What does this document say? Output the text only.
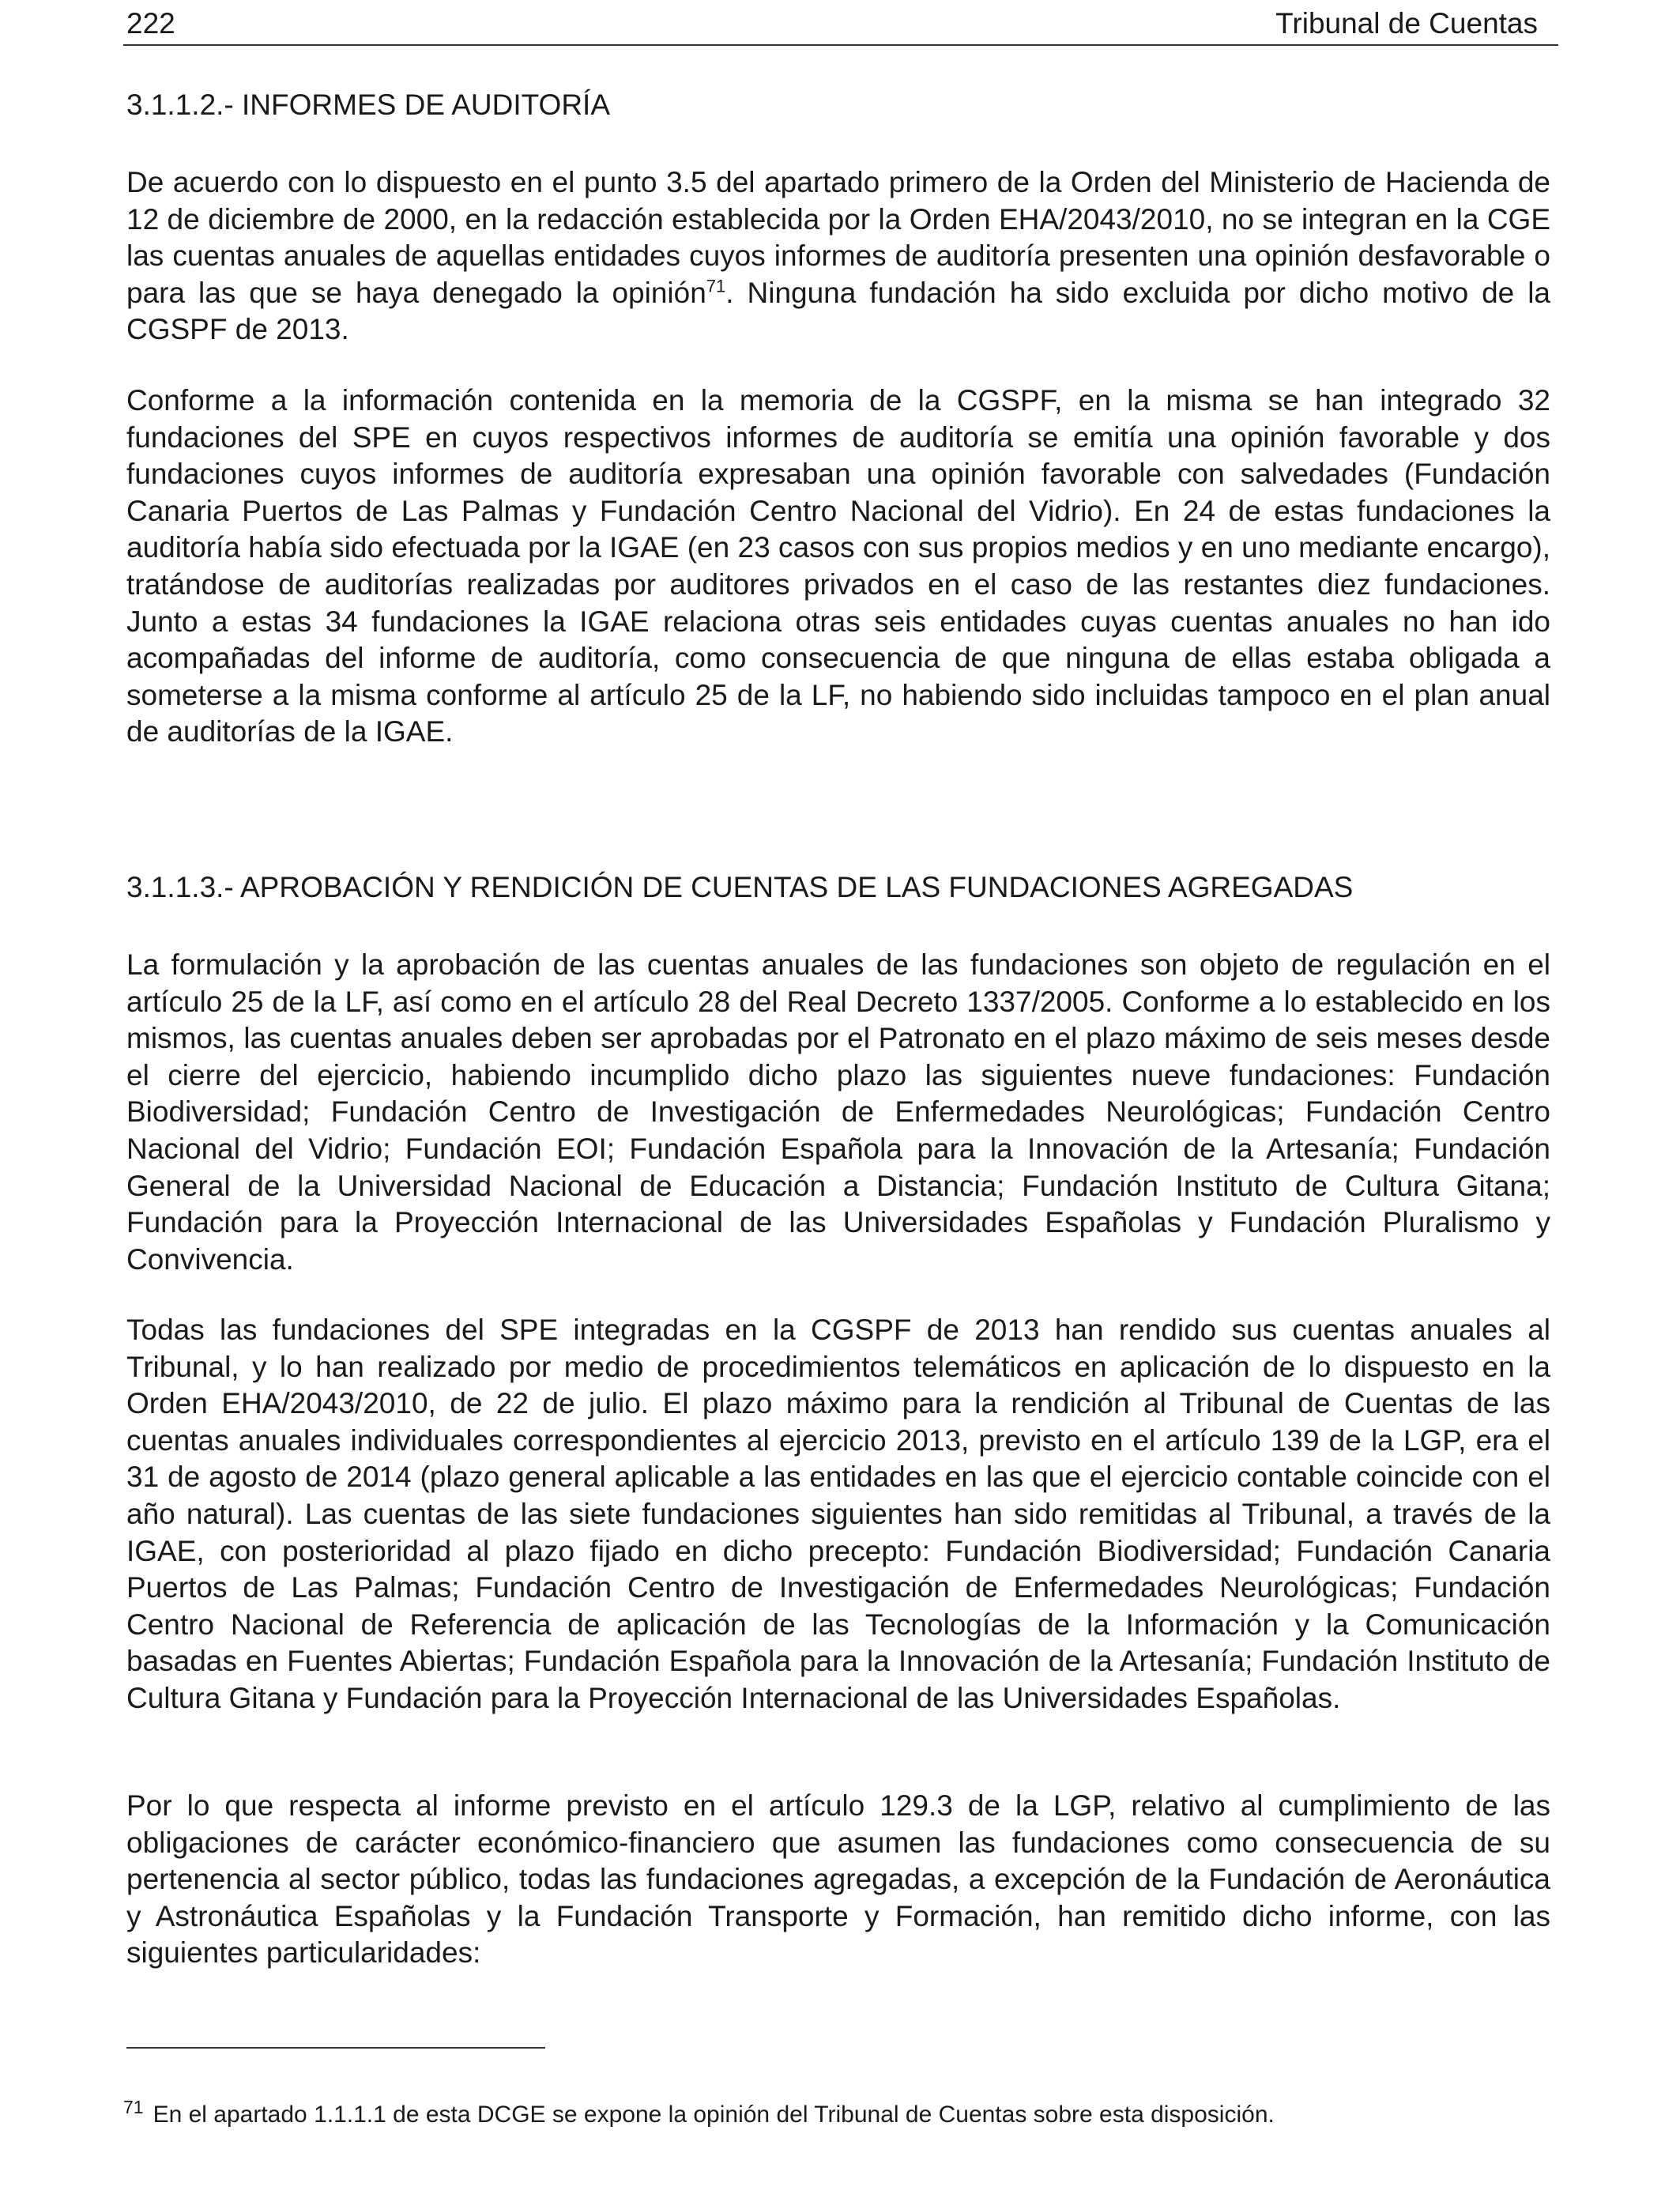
222	Tribunal de Cuentas
3.1.1.2.- INFORMES DE AUDITORÍA

De acuerdo con lo dispuesto en el punto 3.5 del apartado primero de la Orden del Ministerio de Hacienda de 12 de diciembre de 2000, en la redacción establecida por la Orden EHA/2043/2010, no se integran en la CGE las cuentas anuales de aquellas entidades cuyos informes de auditoría presenten una opinión desfavorable o para las que se haya denegado la opinión$^{71}$. Ninguna fundación ha sido excluida por dicho motivo de la CGSPF de 2013.

Conforme a la información contenida en la memoria de la CGSPF, en la misma se han integrado 32 fundaciones del SPE en cuyos respectivos informes de auditoría se emitía una opinión favorable y dos fundaciones cuyos informes de auditoría expresaban una opinión favorable con salvedades (Fundación Canaria Puertos de Las Palmas y Fundación Centro Nacional del Vidrio). En 24 de estas fundaciones la auditoría había sido efectuada por la IGAE (en 23 casos con sus propios medios y en uno mediante encargo), tratándose de auditorías realizadas por auditores privados en el caso de las restantes diez fundaciones. Junto a estas 34 fundaciones la IGAE relaciona otras seis entidades cuyas cuentas anuales no han ido acompañadas del informe de auditoría, como consecuencia de que ninguna de ellas estaba obligada a someterse a la misma conforme al artículo 25 de la LF, no habiendo sido incluidas tampoco en el plan anual de auditorías de la IGAE.

3.1.1.3.- APROBACIÓN Y RENDICIÓN DE CUENTAS DE LAS FUNDACIONES AGREGADAS

La formulación y la aprobación de las cuentas anuales de las fundaciones son objeto de regulación en el artículo 25 de la LF, así como en el artículo 28 del Real Decreto 1337/2005. Conforme a lo establecido en los mismos, las cuentas anuales deben ser aprobadas por el Patronato en el plazo máximo de seis meses desde el cierre del ejercicio, habiendo incumplido dicho plazo las siguientes nueve fundaciones: Fundación Biodiversidad; Fundación Centro de Investigación de Enfermedades Neurológicas; Fundación Centro Nacional del Vidrio; Fundación EOI; Fundación Española para la Innovación de la Artesanía; Fundación General de la Universidad Nacional de Educación a Distancia; Fundación Instituto de Cultura Gitana; Fundación para la Proyección Internacional de las Universidades Españolas y Fundación Pluralismo y Convivencia.

Todas las fundaciones del SPE integradas en la CGSPF de 2013 han rendido sus cuentas anuales al Tribunal, y lo han realizado por medio de procedimientos telemáticos en aplicación de lo dispuesto en la Orden EHA/2043/2010, de 22 de julio. El plazo máximo para la rendición al Tribunal de Cuentas de las cuentas anuales individuales correspondientes al ejercicio 2013, previsto en el artículo 139 de la LGP, era el 31 de agosto de 2014 (plazo general aplicable a las entidades en las que el ejercicio contable coincide con el año natural). Las cuentas de las siete fundaciones siguientes han sido remitidas al Tribunal, a través de la IGAE, con posterioridad al plazo fijado en dicho precepto: Fundación Biodiversidad; Fundación Canaria Puertos de Las Palmas; Fundación Centro de Investigación de Enfermedades Neurológicas; Fundación Centro Nacional de Referencia de aplicación de las Tecnologías de la Información y la Comunicación basadas en Fuentes Abiertas; Fundación Española para la Innovación de la Artesanía; Fundación Instituto de Cultura Gitana y Fundación para la Proyección Internacional de las Universidades Españolas.

Por lo que respecta al informe previsto en el artículo 129.3 de la LGP, relativo al cumplimiento de las obligaciones de carácter económico-financiero que asumen las fundaciones como consecuencia de su pertenencia al sector público, todas las fundaciones agregadas, a excepción de la Fundación de Aeronáutica y Astronáutica Españolas y la Fundación Transporte y Formación, han remitido dicho informe, con las siguientes particularidades:

$^{71}$ En el apartado 1.1.1.1 de esta DCGE se expone la opinión del Tribunal de Cuentas sobre esta disposición.
